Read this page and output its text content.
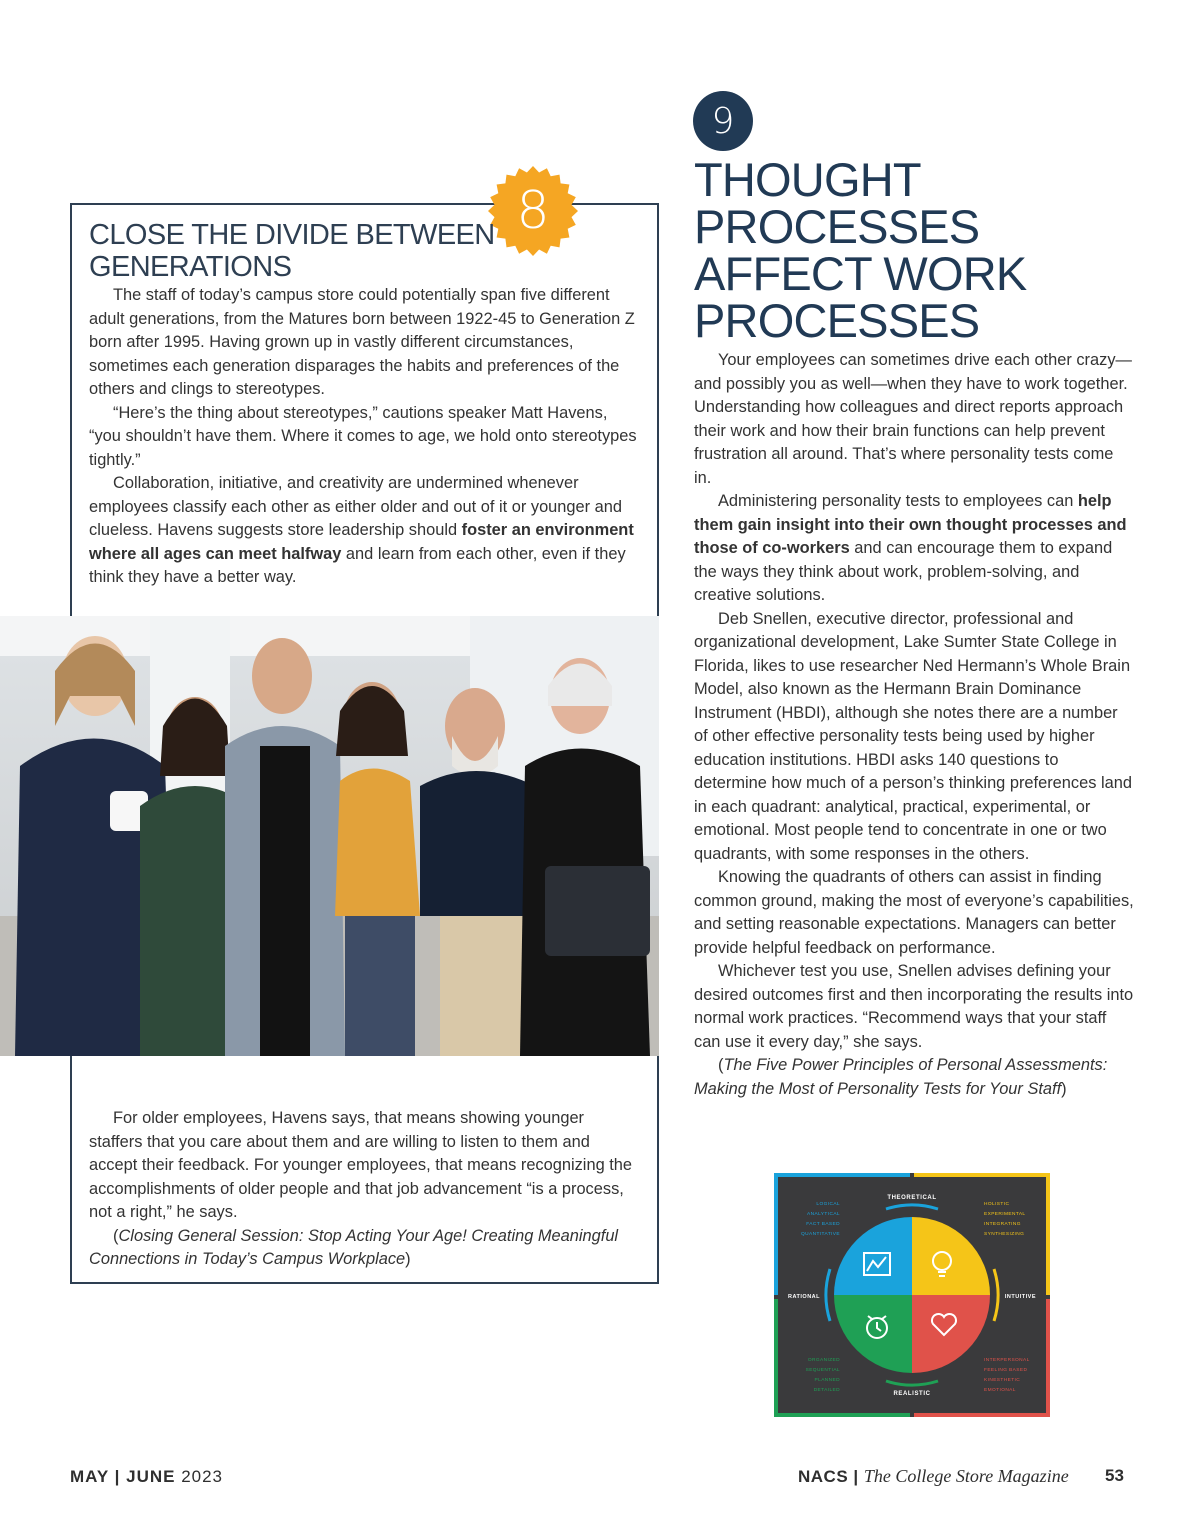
8
CLOSE THE DIVIDE BETWEEN
GENERATIONS

The staff of today’s campus store could potentially span five different adult generations, from the Matures born between 1922-45 to Generation Z born after 1995. Having grown up in vastly different circumstances, sometimes each generation disparages the habits and preferences of the others and clings to stereotypes.

“Here’s the thing about stereotypes,” cautions speaker Matt Havens, “you shouldn’t have them. Where it comes to age, we hold onto stereotypes tightly.”

Collaboration, initiative, and creativity are undermined whenever employees classify each other as either older and out of it or younger and clueless. Havens suggests store leadership should foster an environment where all ages can meet halfway and learn from each other, even if they think they have a better way.

For older employees, Havens says, that means showing younger staffers that you care about them and are willing to listen to them and accept their feedback. For younger employees, that means recognizing the accomplishments of older people and that job advancement “is a process, not a right,” he says.

(Closing General Session: Stop Acting Your Age! Creating Meaningful Connections in Today’s Campus Workplace)

9
THOUGHT
PROCESSES
AFFECT WORK
PROCESSES

Your employees can sometimes drive each other crazy—and possibly you as well—when they have to work together. Understanding how colleagues and direct reports approach their work and how their brain functions can help prevent frustration all around. That’s where personality tests come in.

Administering personality tests to employees can help them gain insight into their own thought processes and those of co-workers and can encourage them to expand the ways they think about work, problem-solving, and creative solutions.

Deb Snellen, executive director, professional and organizational development, Lake Sumter State College in Florida, likes to use researcher Ned Hermann’s Whole Brain Model, also known as the Hermann Brain Dominance Instrument (HBDI), although she notes there are a number of other effective personality tests being used by higher education institutions. HBDI asks 140 questions to determine how much of a person’s thinking preferences land in each quadrant: analytical, practical, experimental, or emotional. Most people tend to concentrate in one or two quadrants, with some responses in the others.

Knowing the quadrants of others can assist in finding common ground, making the most of everyone’s capabilities, and setting reasonable expectations. Managers can better provide helpful feedback on performance.

Whichever test you use, Snellen advises defining your desired outcomes first and then incorporating the results into normal work practices. “Recommend ways that your staff can use it every day,” she says.

(The Five Power Principles of Personal Assessments: Making the Most of Personality Tests for Your Staff)

THEORETICAL
REALISTIC
RATIONAL	INTUITIVE
LOGICAL
ANALYTICAL
FACT BASED
QUANTITATIVE
HOLISTIC
EXPERIMENTAL
INTEGRATING
SYNTHESIZING
ORGANIZED
SEQUENTIAL
PLANNED
DETAILED
INTERPERSONAL
FEELING BASED
KINESTHETIC
EMOTIONAL
MAY | JUNE 2023	NACS | The College Store Magazine 53
